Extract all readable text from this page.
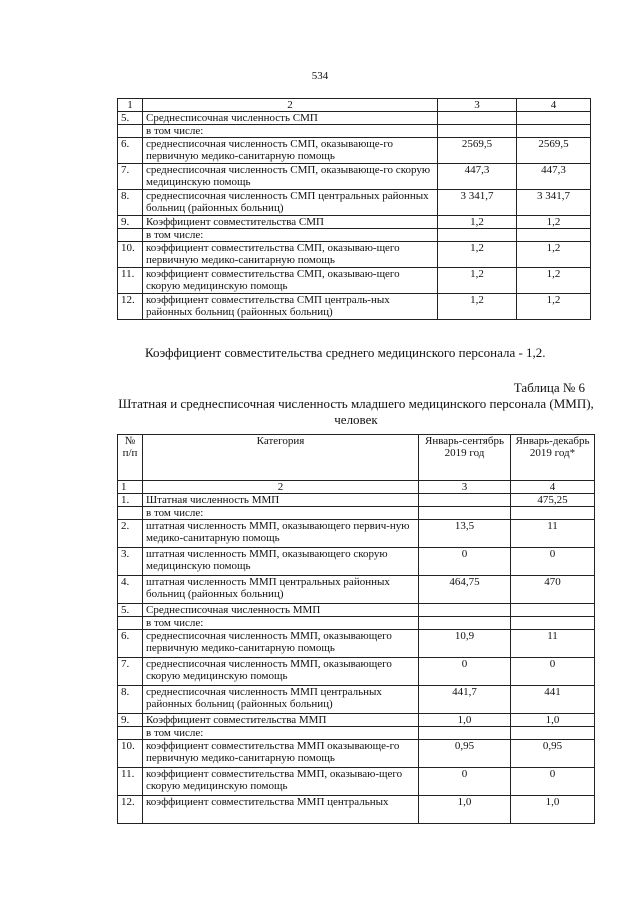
534
1	2	3	4
5.	Среднесписочная численность СМП		
	в том числе:		
6.	среднесписочная численность СМП, оказывающе-го первичную медико-санитарную помощь	2569,5	2569,5
7.	среднесписочная численность СМП, оказывающе-го скорую медицинскую помощь	447,3	447,3
8.	среднесписочная численность СМП центральных районных больниц (районных больниц)	3 341,7	3 341,7
9.	Коэффициент совместительства СМП	1,2	1,2
	в том числе:		
10.	коэффициент совместительства СМП, оказываю-щего первичную медико-санитарную помощь	1,2	1,2
11.	коэффициент совместительства СМП, оказываю-щего скорую медицинскую помощь	1,2	1,2
12.	коэффициент совместительства СМП централь-ных районных больниц (районных больниц)	1,2	1,2
Коэффициент совместительства среднего медицинского персонала - 1,2.
Таблица № 6
Штатная и среднесписочная численность младшего медицинского персонала (ММП), человек
№ п/п	Категория	Январь-сентябрь 2019 год	Январь-декабрь 2019 год*
1	2	3	4
1.	Штатная численность ММП		475,25
	в том числе:		
2.	штатная численность ММП, оказывающего первич-ную медико-санитарную помощь	13,5	11
3.	штатная численность ММП, оказывающего скорую медицинскую помощь	0	0
4.	штатная численность ММП центральных районных больниц (районных больниц)	464,75	470
5.	Среднесписочная численность ММП		
	в том числе:		
6.	среднесписочная численность ММП, оказывающего первичную медико-санитарную помощь	10,9	11
7.	среднесписочная численность ММП, оказывающего скорую медицинскую помощь	0	0
8.	среднесписочная численность ММП центральных районных больниц (районных больниц)	441,7	441
9.	Коэффициент совместительства ММП	1,0	1,0
	в том числе:		
10.	коэффициент совместительства ММП оказывающе-го первичную медико-санитарную помощь	0,95	0,95
11.	коэффициент совместительства ММП, оказываю-щего скорую медицинскую помощь	0	0
12.	коэффициент совместительства ММП центральных	1,0	1,0
